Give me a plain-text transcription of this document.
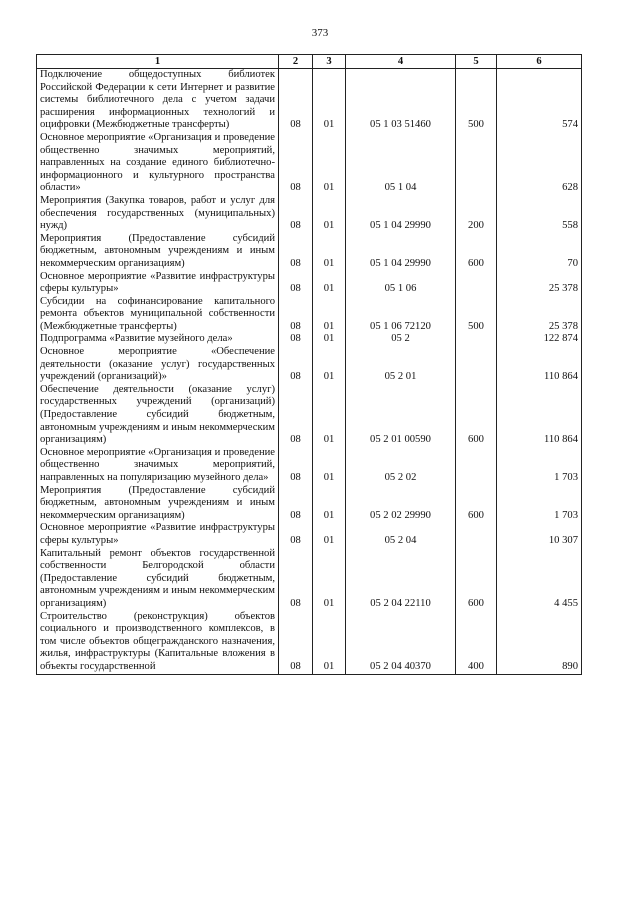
373
1	2	3	4	5	6
Подключение общедоступных библиотек Российской Федерации к сети Интернет и развитие системы библиотечного дела с учетом задачи расширения информационных технологий и оцифровки (Межбюджетные трансферты)	08	01	05 1 03 51460	500	574
Основное мероприятие «Организация и проведение общественно значимых мероприятий, направленных на создание единого библиотечно-информационного и культурного пространства области»	08	01	05 1 04		628
Мероприятия (Закупка товаров, работ и услуг для обеспечения государственных (муниципальных) нужд)	08	01	05 1 04 29990	200	558
Мероприятия (Предоставление субсидий бюджетным, автономным учреждениям и иным некоммерческим организациям)	08	01	05 1 04 29990	600	70
Основное мероприятие «Развитие инфраструктуры сферы культуры»	08	01	05 1 06		25 378
Субсидии на софинансирование капитального ремонта объектов муниципальной собственности (Межбюджетные трансферты)	08	01	05 1 06 72120	500	25 378
Подпрограмма «Развитие музейного дела»	08	01	05 2		122 874
Основное мероприятие «Обеспечение деятельности (оказание услуг) государственных учреждений (организаций)»	08	01	05 2 01		110 864
Обеспечение деятельности (оказание услуг) государственных учреждений (организаций) (Предоставление субсидий бюджетным, автономным учреждениям и иным некоммерческим организациям)	08	01	05 2 01 00590	600	110 864
Основное мероприятие «Организация и проведение общественно значимых мероприятий, направленных на популяризацию музейного дела»	08	01	05 2 02		1 703
Мероприятия (Предоставление субсидий бюджетным, автономным учреждениям и иным некоммерческим организациям)	08	01	05 2 02 29990	600	1 703
Основное мероприятие «Развитие инфраструктуры сферы культуры»	08	01	05 2 04		10 307
Капитальный ремонт объектов государственной собственности Белгородской области (Предоставление субсидий бюджетным, автономным учреждениям и иным некоммерческим организациям)	08	01	05 2 04 22110	600	4 455
Строительство (реконструкция) объектов социального и производственного комплексов, в том числе объектов общегражданского назначения, жилья, инфраструктуры (Капитальные вложения в объекты государственной	08	01	05 2 04 40370	400	890
